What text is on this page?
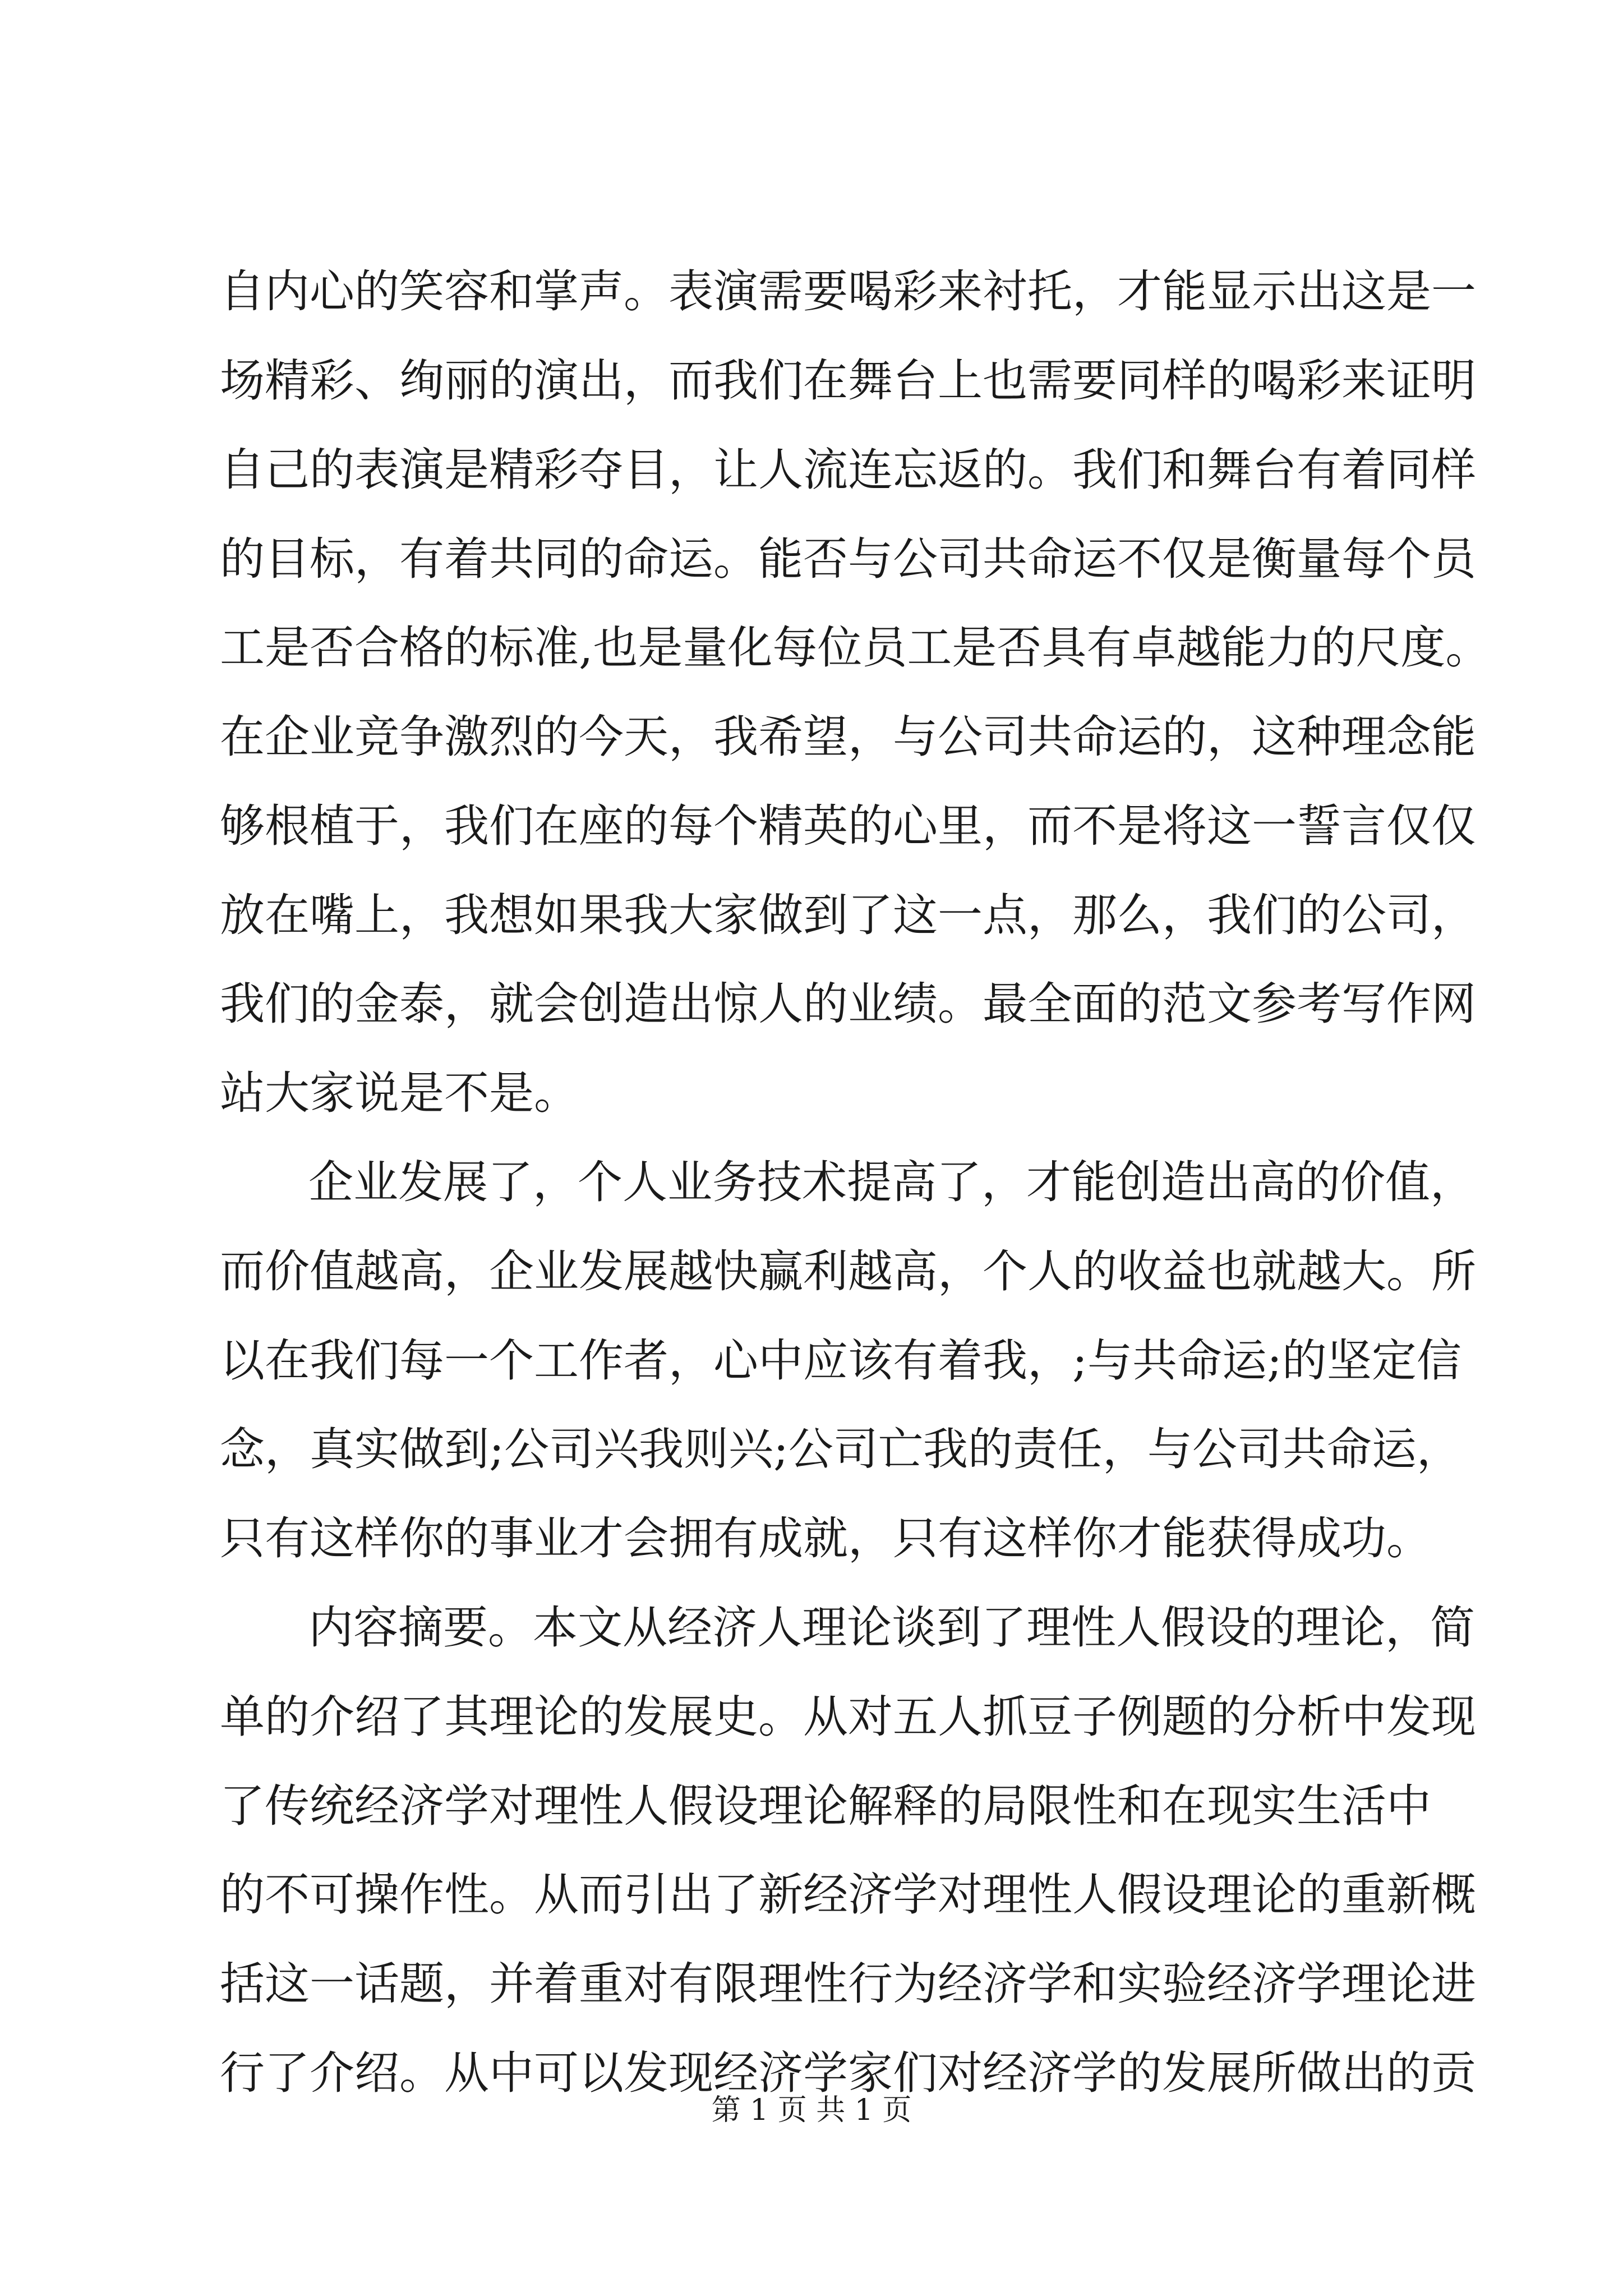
自内心的笑容和掌声。表演需要喝彩来衬托，才能显示出这是一

场精彩、绚丽的演出，而我们在舞台上也需要同样的喝彩来证明

自己的表演是精彩夺目，让人流连忘返的。我们和舞台有着同样

的目标，有着共同的命运。能否与公司共命运不仅是衡量每个员

工是否合格的标准,也是量化每位员工是否具有卓越能力的尺度。

在企业竞争激烈的今天，我希望，与公司共命运的，这种理念能

够根植于，我们在座的每个精英的心里，而不是将这一誓言仅仅

放在嘴上，我想如果我大家做到了这一点，那么，我们的公司，

我们的金泰，就会创造出惊人的业绩。最全面的范文参考写作网

站大家说是不是。

企业发展了，个人业务技术提高了，才能创造出高的价值，

而价值越高，企业发展越快赢利越高，个人的收益也就越大。所

以在我们每一个工作者，心中应该有着我，;与共命运;的坚定信

念，真实做到;公司兴我则兴;公司亡我的责任，与公司共命运，

只有这样你的事业才会拥有成就，只有这样你才能获得成功。

内容摘要。本文从经济人理论谈到了理性人假设的理论，简

单的介绍了其理论的发展史。从对五人抓豆子例题的分析中发现

了传统经济学对理性人假设理论解释的局限性和在现实生活中

的不可操作性。从而引出了新经济学对理性人假设理论的重新概

括这一话题，并着重对有限理性行为经济学和实验经济学理论进

行了介绍。从中可以发现经济学家们对经济学的发展所做出的贡

第 1 页 共 1 页
